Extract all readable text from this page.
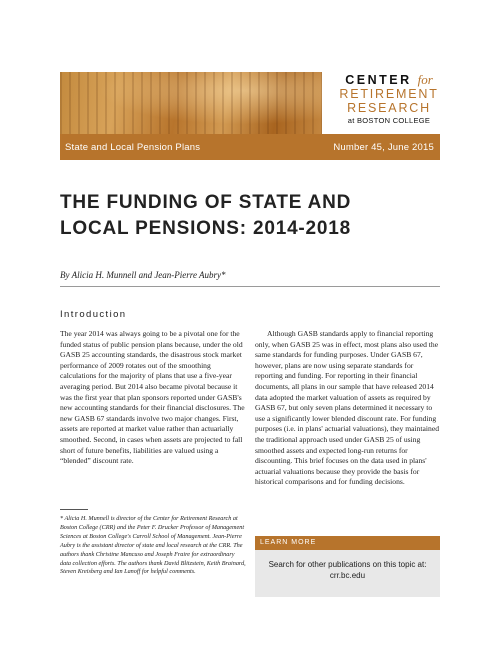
CENTER for
RETIREMENT
RESEARCH
at BOSTON COLLEGE
State and Local Pension Plans	Number 45, June 2015
THE FUNDING OF STATE AND LOCAL PENSIONS: 2014-2018
By Alicia H. Munnell and Jean-Pierre Aubry*
Introduction

The year 2014 was always going to be a pivotal one for the funded status of public pension plans because, under the old GASB 25 accounting standards, the disastrous stock market performance of 2009 rotates out of the smoothing calculations for the majority of plans that use a five-year averaging period. But 2014 also became pivotal because it was the first year that plan sponsors reported under GASB's new accounting standards for their financial disclosures. The new GASB 67 standards involve two major changes. First, assets are reported at market value rather than actuarially smoothed. Second, in cases when assets are projected to fall short of future benefits, liabilities are valued using a “blended” discount rate.

Although GASB standards apply to financial reporting only, when GASB 25 was in effect, most plans also used the same standards for funding purposes. Under GASB 67, however, plans are now using separate standards for reporting and funding. For reporting in their financial documents, all plans in our sample that have released 2014 data adopted the market valuation of assets as required by GASB 67, but only seven plans determined it necessary to use a significantly lower blended discount rate. For funding purposes (i.e. in plans' actuarial valuations), they maintained the traditional approach used under GASB 25 of using smoothed assets and expected long-run returns for discounting. This brief focuses on the data used in plans' actuarial valuations because they provide the basis for historical comparisons and for funding decisions.

* Alicia H. Munnell is director of the Center for Retirement Research at Boston College (CRR) and the Peter F. Drucker Professor of Management Sciences at Boston College's Carroll School of Management. Jean-Pierre Aubry is the assistant director of state and local research at the CRR. The authors thank Christine Mancuso and Joseph Fraire for extraordinary data collection efforts. The authors thank David Blitzstein, Keith Brainard, Steven Kreisberg and Ian Lanoff for helpful comments.

LEARN MORE
Search for other publications on this topic at:
crr.bc.edu
